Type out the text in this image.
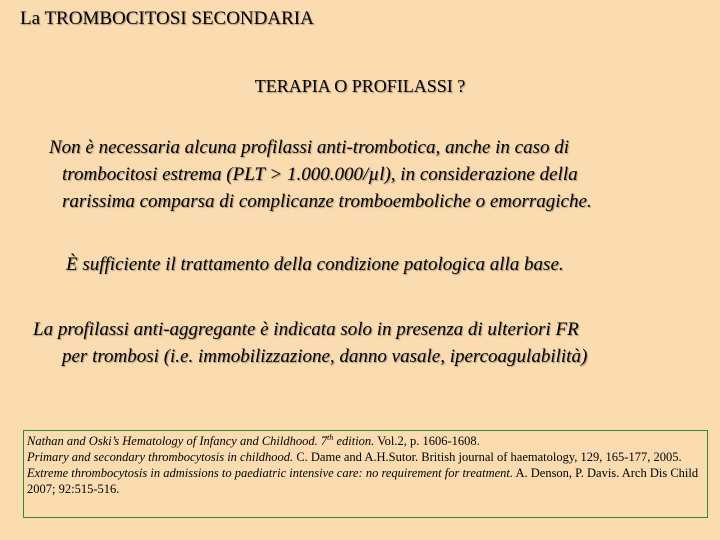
La TROMBOCITOSI SECONDARIA
TERAPIA O PROFILASSI ?
Non è necessaria alcuna profilassi anti-trombotica, anche in caso di
trombocitosi estrema (PLT > 1.000.000/µl), in considerazione della
rarissima comparsa di complicanze tromboemboliche o emorragiche.
È sufficiente il trattamento della condizione patologica alla base.
La profilassi anti-aggregante è indicata solo in presenza di ulteriori FR
per trombosi (i.e. immobilizzazione, danno vasale, ipercoagulabilità)
Nathan and Oski’s Hematology of Infancy and Childhood. 7th edition. Vol.2, p. 1606-1608.
Primary and secondary thrombocytosis in childhood. C. Dame and A.H.Sutor. British journal of haematology, 129, 165-177, 2005.
Extreme thrombocytosis in admissions to paediatric intensive care: no requirement for treatment. A. Denson, P. Davis. Arch Dis Child 2007; 92:515-516.
